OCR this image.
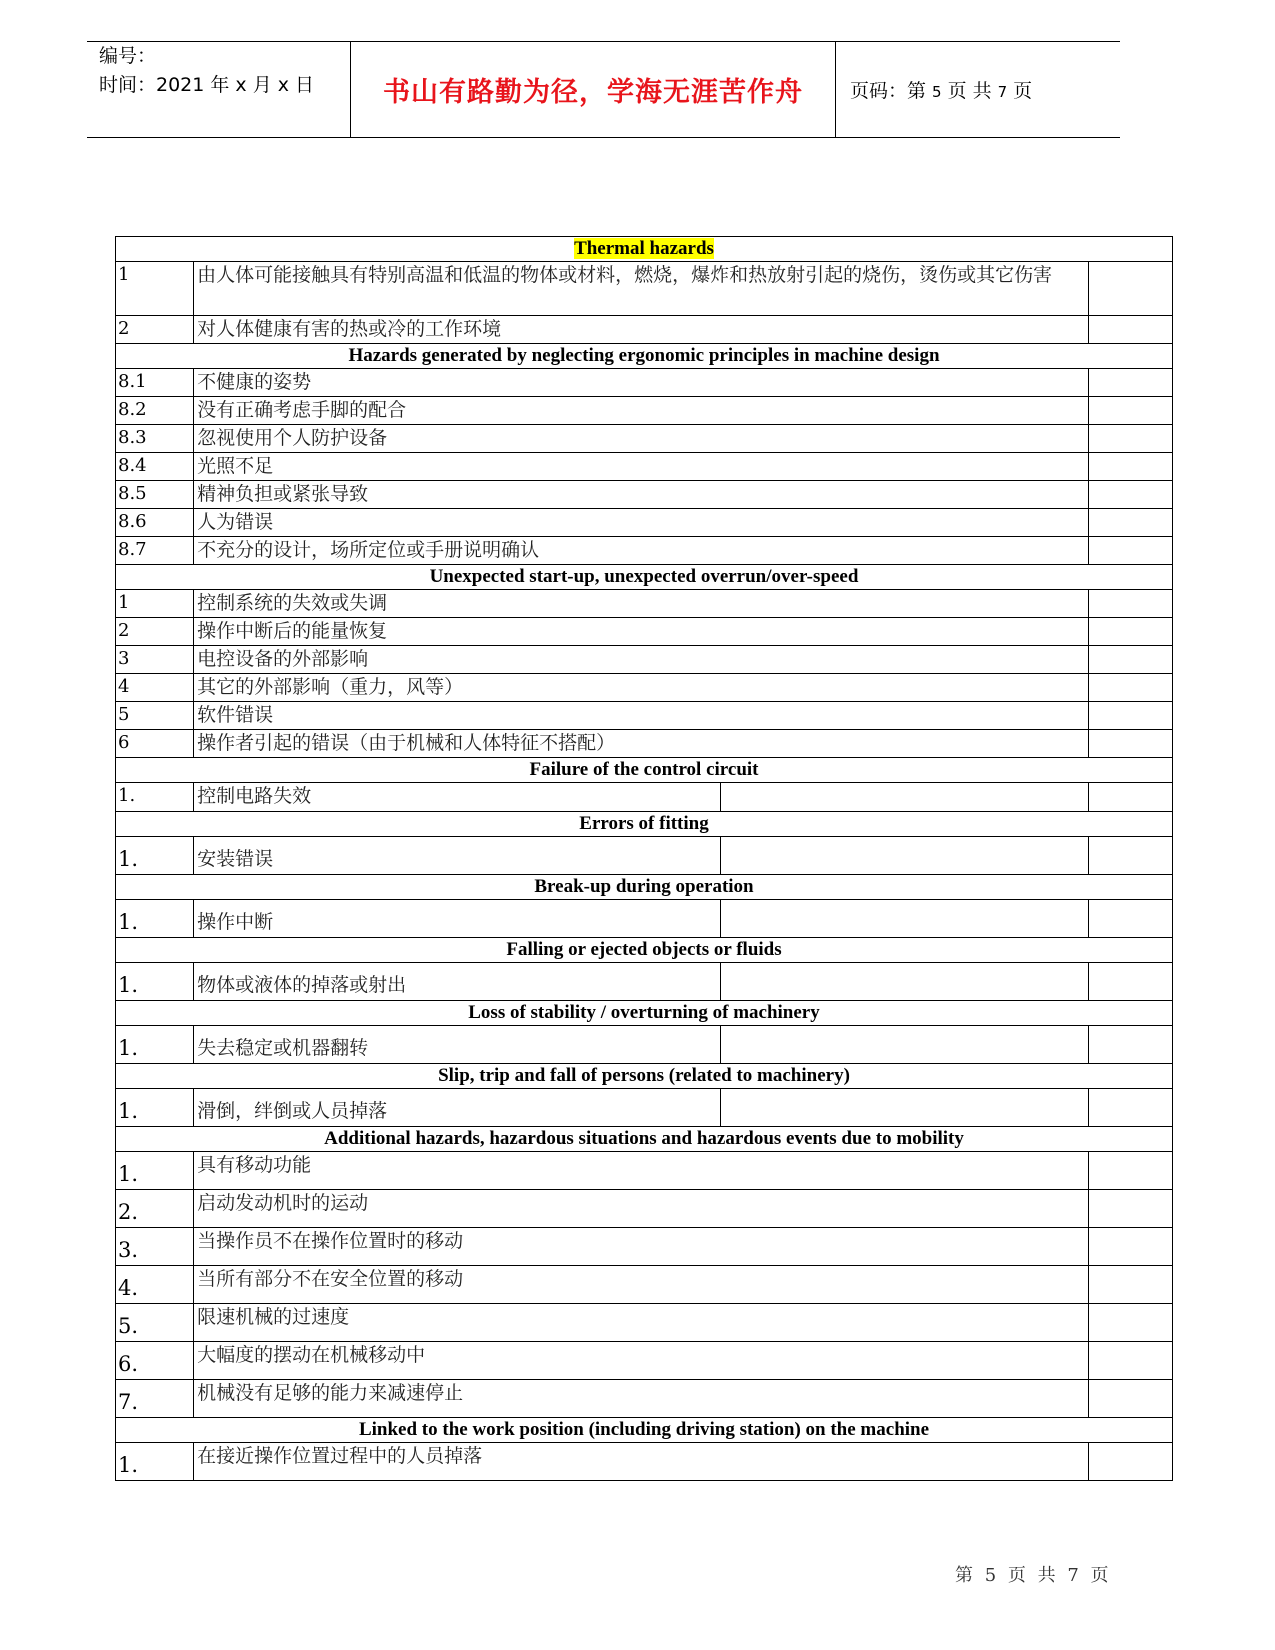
编号：
时间：2021 年 x 月 x 日	书山有路勤为径，学海无涯苦作舟 页码：第 5 页 共 7 页
Thermal hazards			
1	由人体可能接触具有特别高温和低温的物体或材料，燃烧，爆炸和热放射引起的烧伤，烫伤或其它伤害		
2	对人体健康有害的热或冷的工作环境		
Hazards generated by neglecting ergonomic principles in machine design			
8.1	不健康的姿势		
8.2	没有正确考虑手脚的配合		
8.3	忽视使用个人防护设备		
8.4	光照不足		
8.5	精神负担或紧张导致		
8.6	人为错误		
8.7	不充分的设计，场所定位或手册说明确认		
Unexpected start-up, unexpected overrun/over-speed			
1	控制系统的失效或失调		
2	操作中断后的能量恢复		
3	电控设备的外部影响		
4	其它的外部影响（重力，风等）		
5	软件错误		
6	操作者引起的错误（由于机械和人体特征不搭配）		
Failure of the control circuit			
1.	控制电路失效		
Errors of fitting			
1.	安装错误		
Break-up during operation			
1.	操作中断		
Falling or ejected objects or fluids			
1.	物体或液体的掉落或射出		
Loss of stability / overturning of machinery			
1.	失去稳定或机器翻转		
Slip, trip and fall of persons (related to machinery)			
1.	滑倒，绊倒或人员掉落		
Additional hazards, hazardous situations and hazardous events due to mobility			
1.	具有移动功能		
2.	启动发动机时的运动		
3.	当操作员不在操作位置时的移动		
4.	当所有部分不在安全位置的移动		
5.	限速机械的过速度		
6.	大幅度的摆动在机械移动中		
7.	机械没有足够的能力来减速停止		
Linked to the work position (including driving station) on the machine			
1.	在接近操作位置过程中的人员掉落		
第 5 页 共 7 页
